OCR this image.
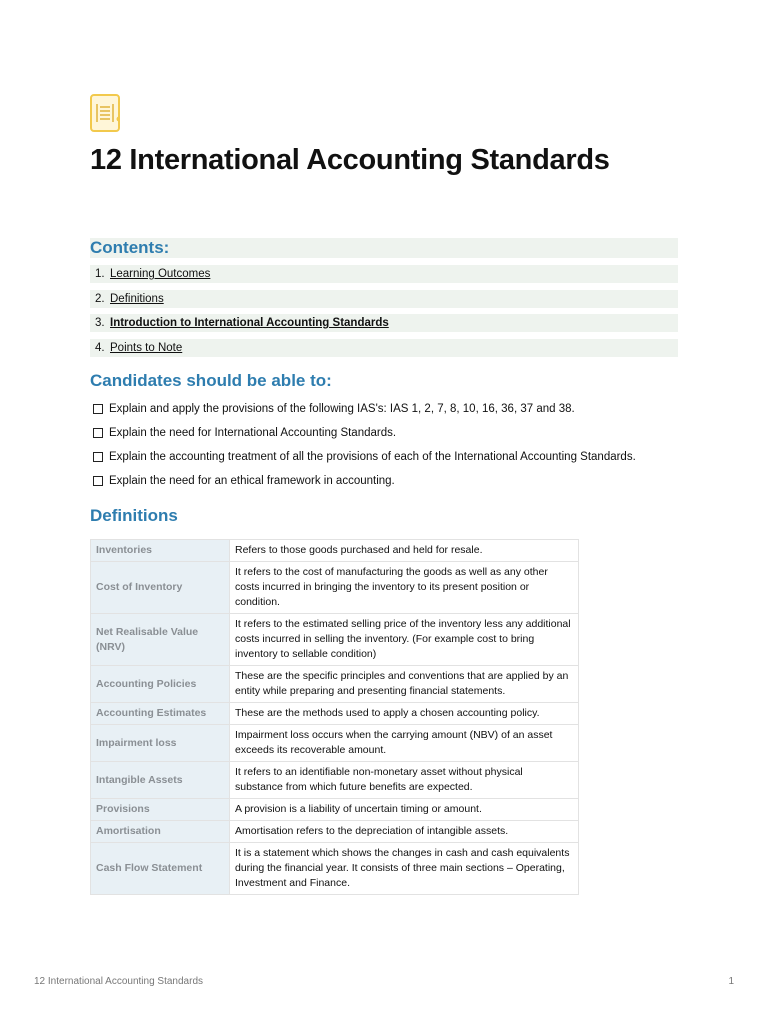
12 International Accounting Standards
Contents:
1. Learning Outcomes
2. Definitions
3. Introduction to International Accounting Standards
4. Points to Note
Candidates should be able to:
Explain and apply the provisions of the following IAS's: IAS 1, 2, 7, 8, 10, 16, 36, 37 and 38.
Explain the need for International Accounting Standards.
Explain the accounting treatment of all the provisions of each of the International Accounting Standards.
Explain the need for an ethical framework in accounting.
Definitions
Inventories	Refers to those goods purchased and held for resale.
Cost of Inventory	It refers to the cost of manufacturing the goods as well as any other costs incurred in bringing the inventory to its present position or condition.
Net Realisable Value (NRV)	It refers to the estimated selling price of the inventory less any additional costs incurred in selling the inventory. (For example cost to bring inventory to sellable condition)
Accounting Policies	These are the specific principles and conventions that are applied by an entity while preparing and presenting financial statements.
Accounting Estimates	These are the methods used to apply a chosen accounting policy.
Impairment loss	Impairment loss occurs when the carrying amount (NBV) of an asset exceeds its recoverable amount.
Intangible Assets	It refers to an identifiable non-monetary asset without physical substance from which future benefits are expected.
Provisions	A provision is a liability of uncertain timing or amount.
Amortisation	Amortisation refers to the depreciation of intangible assets.
Cash Flow Statement	It is a statement which shows the changes in cash and cash equivalents during the financial year. It consists of three main sections – Operating, Investment and Finance.
12 International Accounting Standards	1
